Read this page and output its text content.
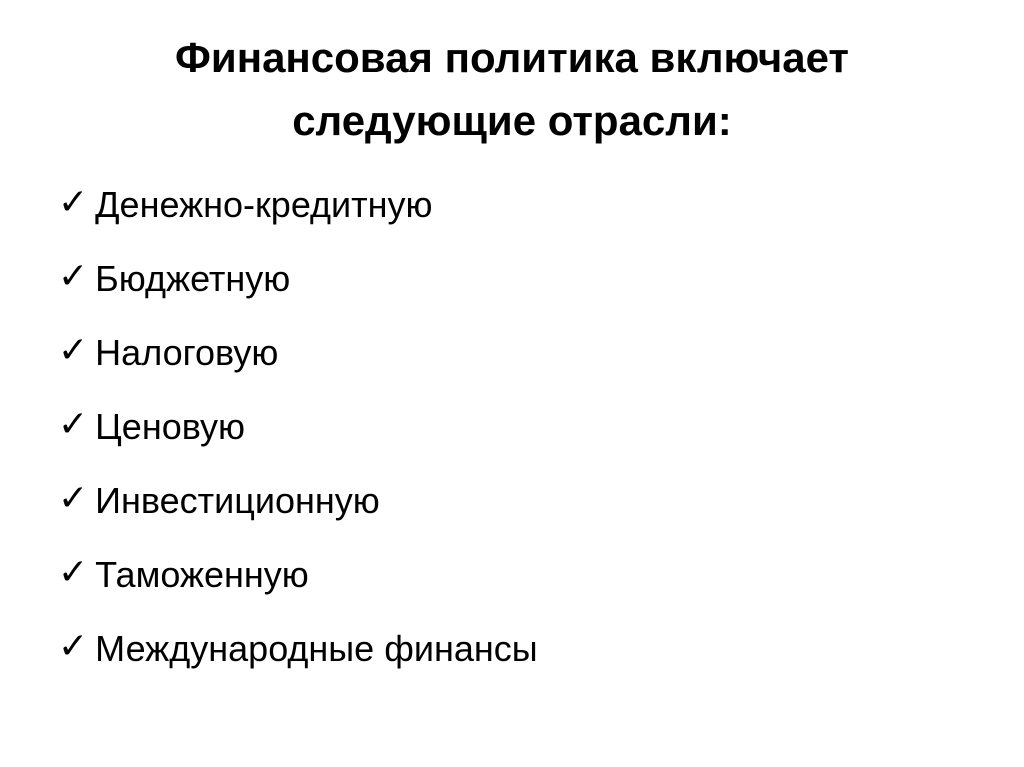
Финансовая политика включает следующие отрасли:
✓ Денежно-кредитную
✓ Бюджетную
✓ Налоговую
✓ Ценовую
✓ Инвестиционную
✓ Таможенную
✓ Международные финансы
